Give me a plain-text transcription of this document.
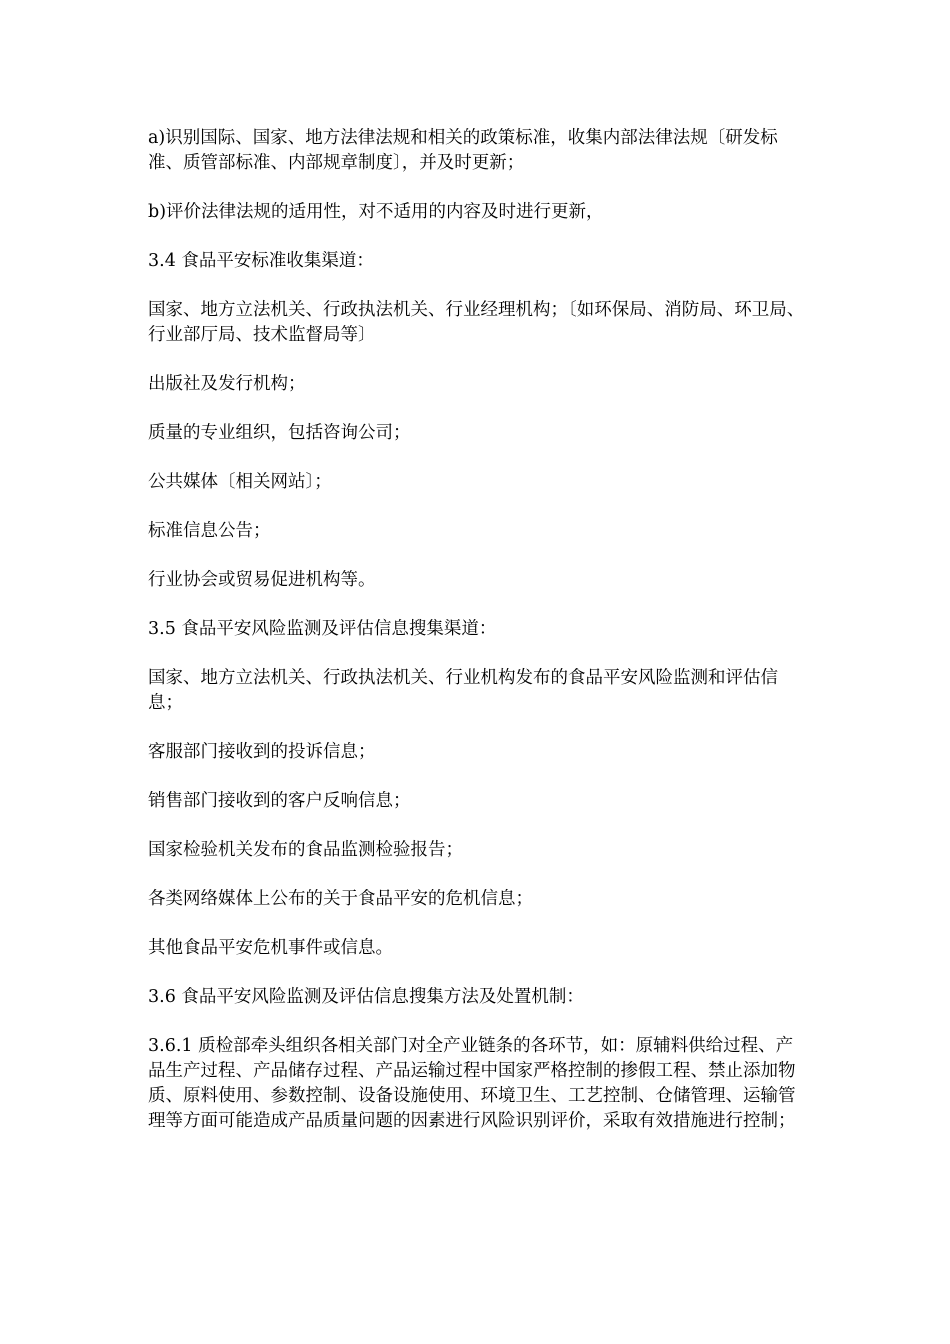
a)识别国际、国家、地方法律法规和相关的政策标准，收集内部法律法规〔研发标准、质管部标准、内部规章制度〕，并及时更新；

b)评价法律法规的适用性，对不适用的内容及时进行更新，

3.4 食品平安标准收集渠道：

国家、地方立法机关、行政执法机关、行业经理机构；〔如环保局、消防局、环卫局、行业部厅局、技术监督局等〕

出版社及发行机构；

质量的专业组织，包括咨询公司；

公共媒体〔相关网站〕；

标准信息公告；

行业协会或贸易促进机构等。

3.5 食品平安风险监测及评估信息搜集渠道：

国家、地方立法机关、行政执法机关、行业机构发布的食品平安风险监测和评估信息；

客服部门接收到的投诉信息；

销售部门接收到的客户反响信息；

国家检验机关发布的食品监测检验报告；

各类网络媒体上公布的关于食品平安的危机信息；

其他食品平安危机事件或信息。

3.6 食品平安风险监测及评估信息搜集方法及处置机制：

3.6.1 质检部牵头组织各相关部门对全产业链条的各环节，如：原辅料供给过程、产品生产过程、产品储存过程、产品运输过程中国家严格控制的掺假工程、禁止添加物质、原料使用、参数控制、设备设施使用、环境卫生、工艺控制、仓储管理、运输管理等方面可能造成产品质量问题的因素进行风险识别评价，采取有效措施进行控制；
